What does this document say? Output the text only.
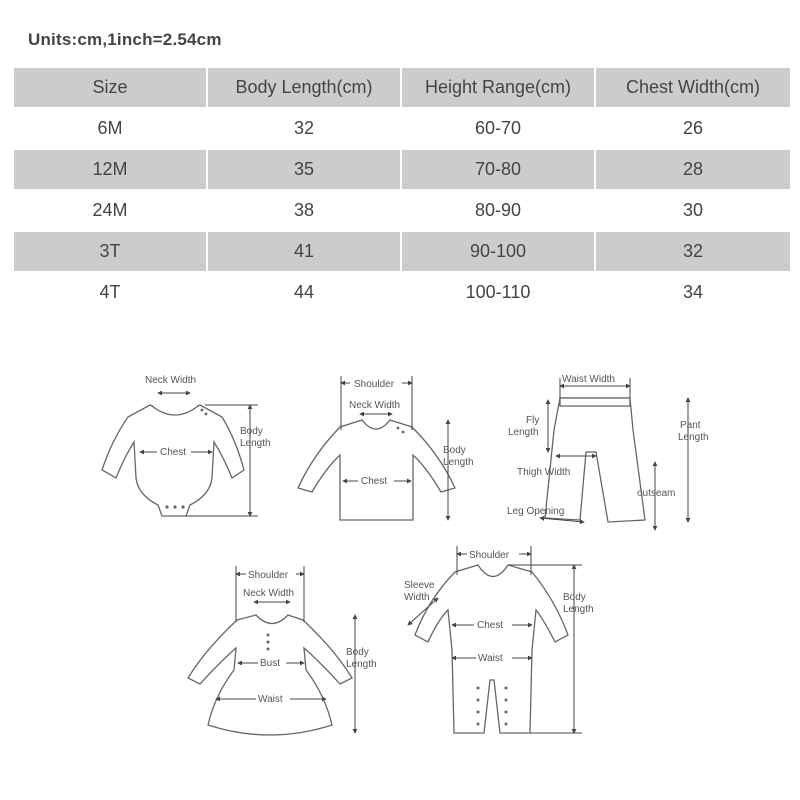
Units:cm,1inch=2.54cm
Size	Body Length(cm)	Height Range(cm)	Chest Width(cm)
6M	32	60-70	26
12M	35	70-80	28
24M	38	80-90	30
3T	41	90-100	32
4T	44	100-110	34
Neck Width
Chest
Body
Length
Shoulder
Neck Width
Chest
Body
Length
Waist Width
Fly
Length
Pant
Length
Thigh Width
outseam
Leg Opening
Shoulder
Neck Width
Bust
Waist
Body
Length
Shoulder
Sleeve
Width
Chest
Waist
Body
Length
